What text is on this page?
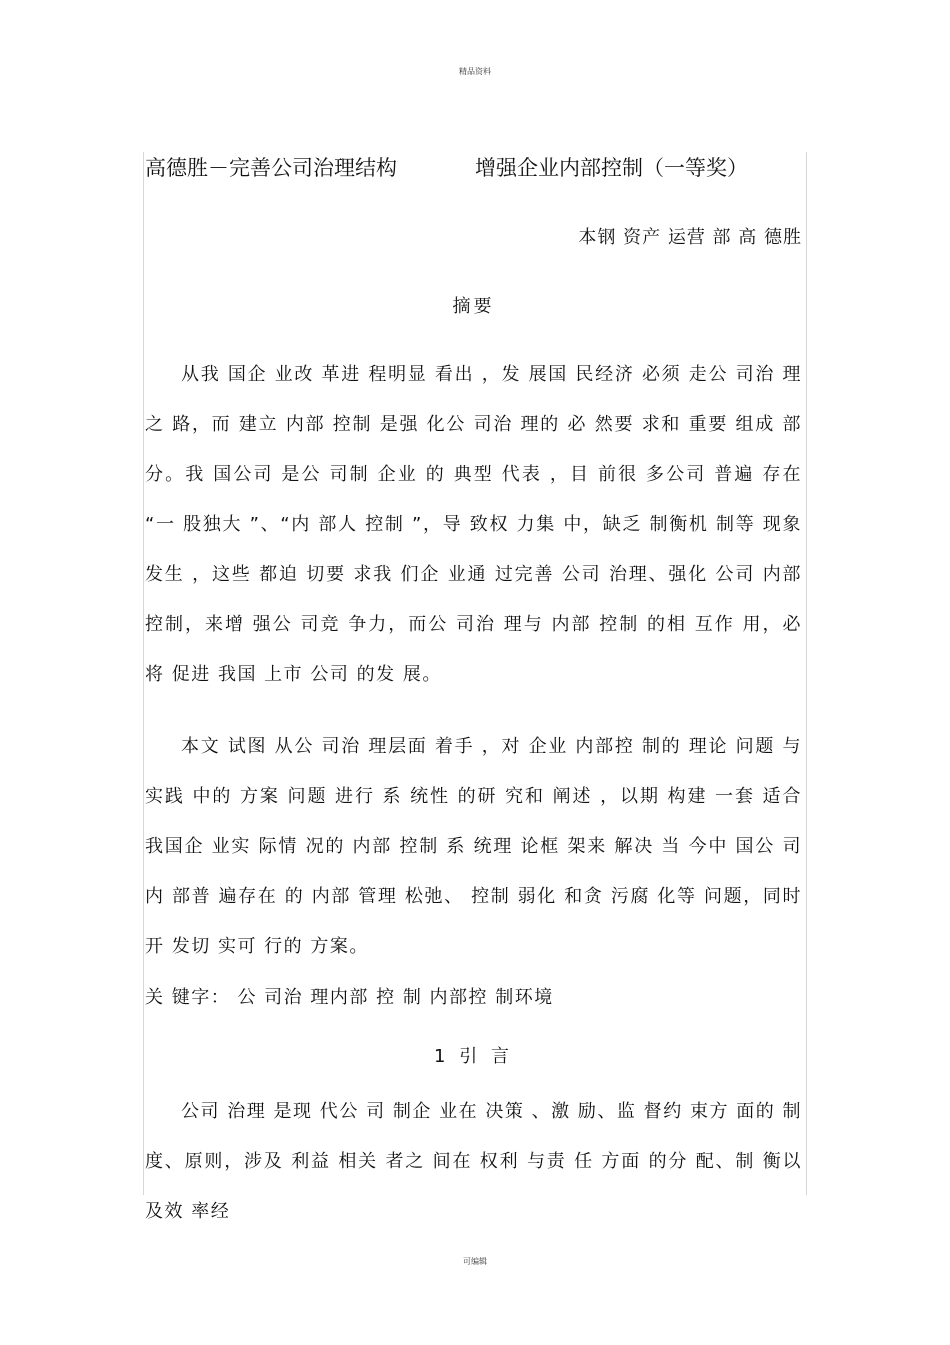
精品资料
高德胜－完善公司治理结构	增强企业内部控制（一等奖）
本钢 资产 运营 部 高 德胜
摘要
从我 国企 业改 革进 程明显 看出 ，发 展国 民经济 必须 走公 司治 理之 路，而 建立 内部 控制 是强 化公 司治 理的 必 然要 求和 重要 组成 部 分。我 国公司 是公 司制 企业 的 典型 代表 ，目 前很 多公司 普遍 存在 “一 股独大 ”、“内 部人 控制 ”，导 致权 力集 中，缺乏 制衡机 制等 现象 发生 ，这些 都迫 切要 求我 们企 业通 过完善 公司 治理、强化 公司 内部 控制，来增 强公 司竞 争力，而公 司治 理与 内部 控制 的相 互作 用，必将 促进 我国 上市 公司 的发 展。
本文 试图 从公 司治 理层面 着手 ，对 企业 内部控 制的 理论 问题 与 实践 中的 方案 问题 进行 系 统性 的研 究和 阐述 ，以期 构建 一套 适合 我国企 业实 际情 况的 内部 控制 系 统理 论框 架来 解决 当 今中 国公 司内 部普 遍存在 的 内部 管理 松弛、 控制 弱化 和贪 污腐 化等 问题，同时开 发切 实可 行的 方案。
关 键字： 公 司治 理内部 控 制 内部控 制环境
1 引 言
公司 治理 是现 代公 司 制企 业在 决策 、激 励、监 督约 束方 面的 制 度、原则，涉及 利益 相关 者之 间在 权利 与责 任 方面 的分 配、制 衡以 及效 率经
可编辑
